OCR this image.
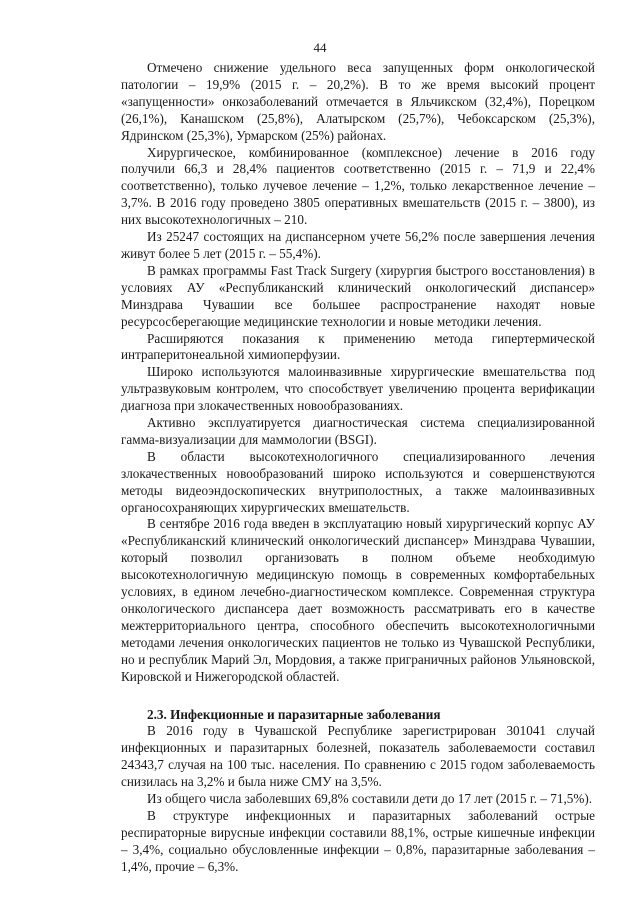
44

Отмечено снижение удельного веса запущенных форм онкологической патологии – 19,9% (2015 г. – 20,2%). В то же время высокий процент «запущенности» онкозаболеваний отмечается в Яльчикском (32,4%), Порецком (26,1%), Канашском (25,8%), Алатырском (25,7%), Чебоксарском (25,3%), Ядринском (25,3%), Урмарском (25%) районах.

Хирургическое, комбинированное (комплексное) лечение в 2016 году получили 66,3 и 28,4% пациентов соответственно (2015 г. – 71,9 и 22,4% соответственно), только лучевое лечение – 1,2%, только лекарственное лечение – 3,7%. В 2016 году проведено 3805 оперативных вмешательств (2015 г. – 3800), из них высокотехнологичных – 210.

Из 25247 состоящих на диспансерном учете 56,2% после завершения лечения живут более 5 лет (2015 г. – 55,4%).

В рамках программы Fast Track Surgery (хирургия быстрого восстановления) в условиях АУ «Республиканский клинический онкологический диспансер» Минздрава Чувашии все большее распространение находят новые ресурсосберегающие медицинские технологии и новые методики лечения.

Расширяются показания к применению метода гипертермической интраперитонеальной химиоперфузии.

Широко используются малоинвазивные хирургические вмешательства под ультразвуковым контролем, что способствует увеличению процента верификации диагноза при злокачественных новообразованиях.

Активно эксплуатируется диагностическая система специализированной гамма-визуализации для маммологии (BSGI).

В области высокотехнологичного специализированного лечения злокачественных новообразований широко используются и совершенствуются методы видеоэндоскопических внутриполостных, а также малоинвазивных органосохраняющих хирургических вмешательств.

В сентябре 2016 года введен в эксплуатацию новый хирургический корпус АУ «Республиканский клинический онкологический диспансер» Минздрава Чувашии, который позволил организовать в полном объеме необходимую высокотехнологичную медицинскую помощь в современных комфортабельных условиях, в едином лечебно-диагностическом комплексе. Современная структура онкологического диспансера дает возможность рассматривать его в качестве межтерриториального центра, способного обеспечить высокотехнологичными методами лечения онкологических пациентов не только из Чувашской Республики, но и республик Марий Эл, Мордовия, а также приграничных районов Ульяновской, Кировской и Нижегородской областей.

2.3. Инфекционные и паразитарные заболевания

В 2016 году в Чувашской Республике зарегистрирован 301041 случай инфекционных и паразитарных болезней, показатель заболеваемости составил 24343,7 случая на 100 тыс. населения. По сравнению с 2015 годом заболеваемость снизилась на 3,2% и была ниже СМУ на 3,5%.

Из общего числа заболевших 69,8% составили дети до 17 лет (2015 г. – 71,5%).

В структуре инфекционных и паразитарных заболеваний острые респираторные вирусные инфекции составили 88,1%, острые кишечные инфекции – 3,4%, социально обусловленные инфекции – 0,8%, паразитарные заболевания – 1,4%, прочие – 6,3%.
